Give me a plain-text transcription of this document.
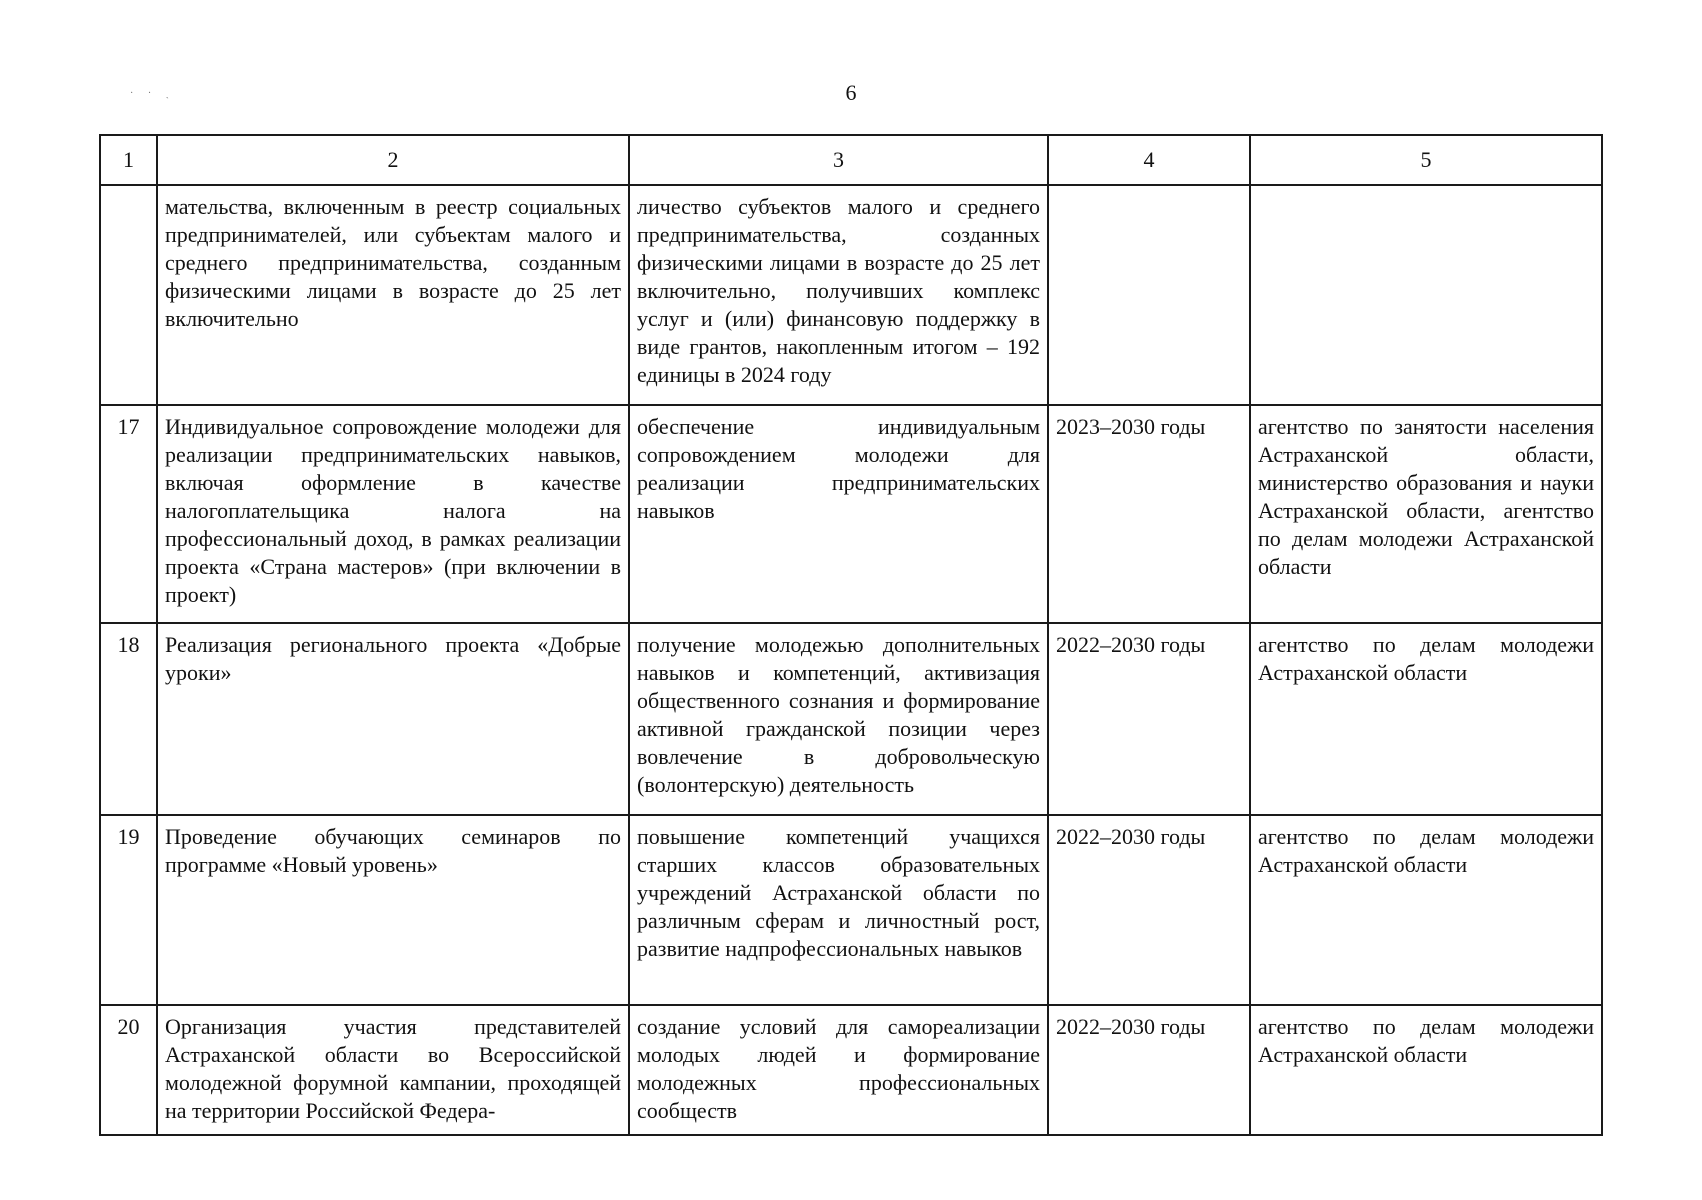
6
· · ˎ
1	2	3	4	5
	мательства, включенным в реестр социальных предпринимателей, или субъектам малого и среднего предпринимательства, созданным физическими лицами в возрасте до 25 лет включительно	личество субъектов малого и среднего предпринимательства, созданных физическими лицами в возрасте до 25 лет включительно, получивших комплекс услуг и (или) финансовую поддержку в виде грантов, накопленным итогом – 192 единицы в 2024 году		
17	Индивидуальное сопровождение молодежи для реализации предпринимательских навыков, включая оформление в качестве налогоплательщика налога на профессиональный доход, в рамках реализации проекта «Страна мастеров» (при включении в проект)	обеспечение индивидуальным сопровождением молодежи для реализации предпринимательских навыков	2023–2030 годы	агентство по занятости населения Астраханской области, министерство образования и науки Астраханской области, агентство по делам молодежи Астраханской области
18	Реализация регионального проекта «Добрые уроки»	получение молодежью дополнительных навыков и компетенций, активизация общественного сознания и формирование активной гражданской позиции через вовлечение в добровольческую (волонтерскую) деятельность	2022–2030 годы	агентство по делам молодежи Астраханской области
19	Проведение обучающих семинаров по программе «Новый уровень»	повышение компетенций учащихся старших классов образовательных учреждений Астраханской области по различным сферам и личностный рост, развитие надпрофессиональных навыков	2022–2030 годы	агентство по делам молодежи Астраханской области
20	Организация участия представителей Астраханской области во Всероссийской молодежной форумной кампании, проходящей на территории Российской Федера-	создание условий для самореализации молодых людей и формирование молодежных профессиональных сообществ	2022–2030 годы	агентство по делам молодежи Астраханской области
